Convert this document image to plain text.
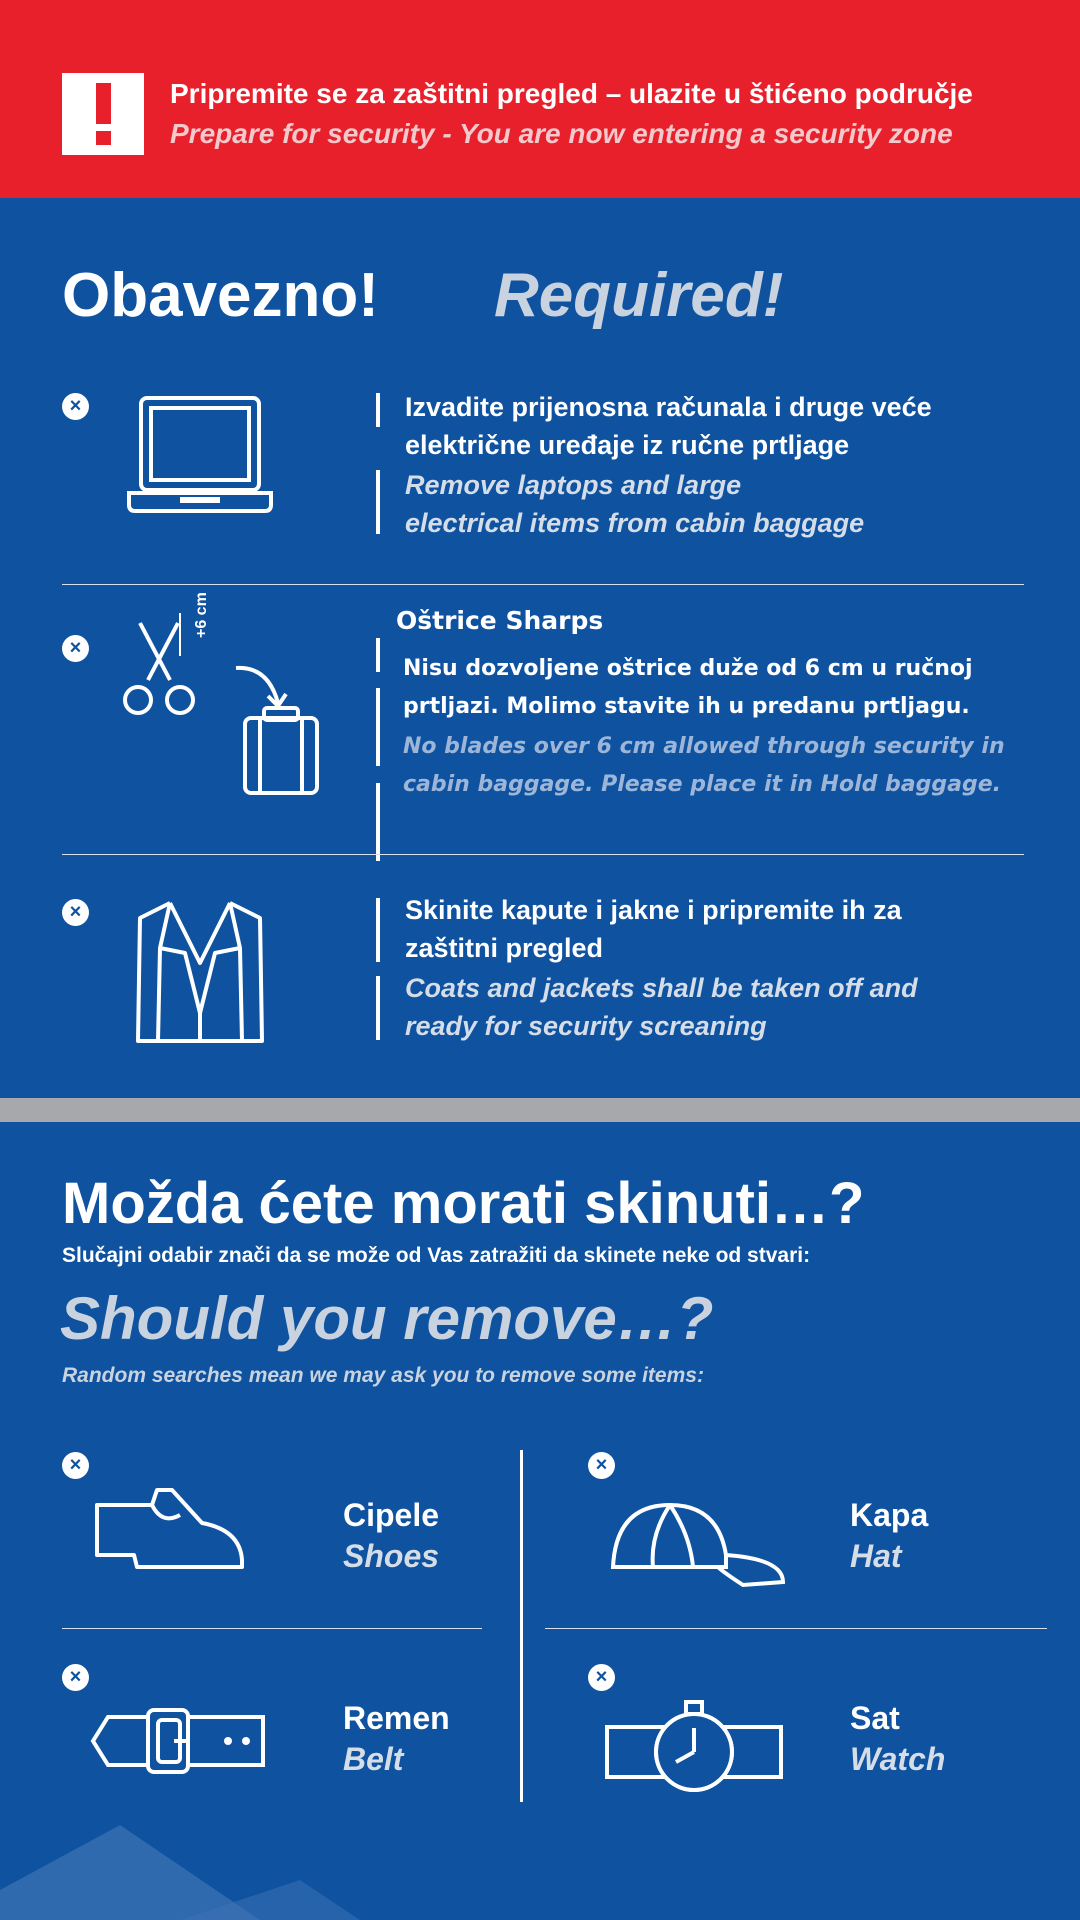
Pripremite se za zaštitni pregled – ulazite u štićeno područje
Prepare for security - You are now entering a security zone
Obavezno! Required!
×	Izvadite prijenosna računala i druge veće
električne uređaje iz ručne prtljage
Remove laptops and large
electrical items from cabin baggage
×
+6 cm	Oštrice Sharps
Nisu dozvoljene oštrice duže od 6 cm u ručnoj
prtljazi. Molimo stavite ih u predanu prtljagu.
No blades over 6 cm allowed through security in
cabin baggage. Please place it in Hold baggage.
×	Skinite kapute i jakne i pripremite ih za
zaštitni pregled
Coats and jackets shall be taken off and
ready for security screaning
Možda ćete morati skinuti…?
Slučajni odabir znači da se može od Vas zatražiti da skinete neke od stvari:
Should you remove…?
Random searches mean we may ask you to remove some items:
×
Cipele
Shoes
×
Kapa
Hat
×
Remen
Belt
×
Sat
Watch
